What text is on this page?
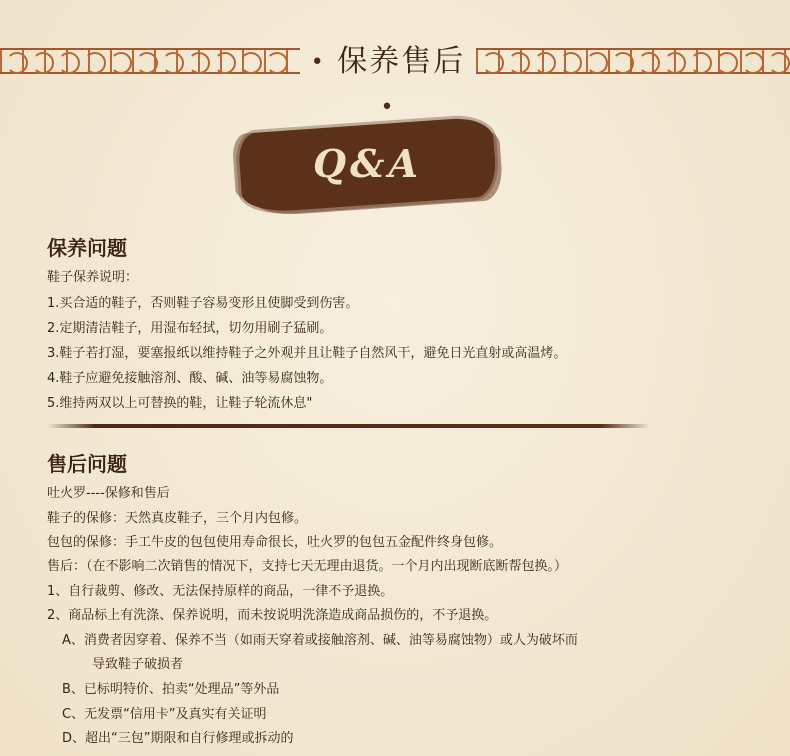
• 保养售后 •
Q&A
保养问题
鞋子保养说明：
1.买合适的鞋子，否则鞋子容易变形且使脚受到伤害。
2.定期清洁鞋子，用湿布轻拭，切勿用刷子猛刷。
3.鞋子若打湿，要塞报纸以维持鞋子之外观并且让鞋子自然风干，避免日光直射或高温烤。
4.鞋子应避免接触溶剂、酸、碱、油等易腐蚀物。
5.维持两双以上可替换的鞋，让鞋子轮流休息"
售后问题
吐火罗----保修和售后
鞋子的保修：天然真皮鞋子，三个月内包修。
包包的保修：手工牛皮的包包使用寿命很长，吐火罗的包包五金配件终身包修。
售后：（在不影响二次销售的情况下，支持七天无理由退货。一个月内出现断底断帮包换。）
1、自行裁剪、修改、无法保持原样的商品，一律不予退换。
2、商品标上有洗涤、保养说明，而未按说明洗涤造成商品损伤的，不予退换。
A、消费者因穿着、保养不当（如雨天穿着或接触溶剂、碱、油等易腐蚀物）或人为破坏而
导致鞋子破损者
B、已标明特价、拍卖“处理品”等外品
C、无发票“信用卡”及真实有关证明
D、超出“三包”期限和自行修理或拆动的
